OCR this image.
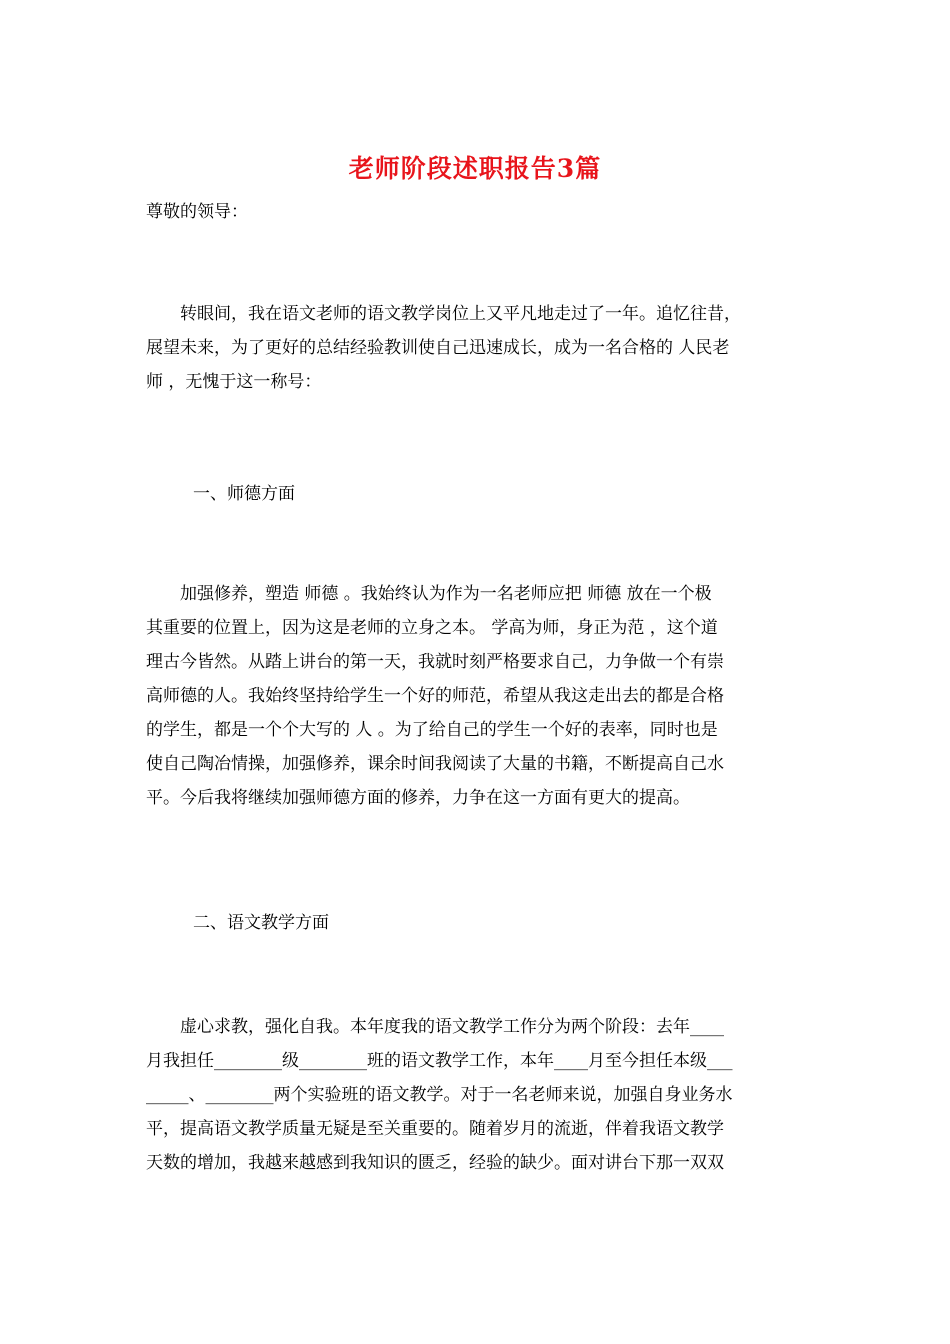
老师阶段述职报告3篇
尊敬的领导：
　　转眼间，我在语文老师的语文教学岗位上又平凡地走过了一年。追忆往昔，
展望未来，为了更好的总结经验教训使自己迅速成长，成为一名合格的 人民老
师 ，无愧于这一称号：
一、师德方面
　　加强修养，塑造 师德 。我始终认为作为一名老师应把 师德 放在一个极
其重要的位置上，因为这是老师的立身之本。 学高为师，身正为范 ，这个道
理古今皆然。从踏上讲台的第一天，我就时刻严格要求自己，力争做一个有崇
高师德的人。我始终坚持给学生一个好的师范，希望从我这走出去的都是合格
的学生，都是一个个大写的 人 。为了给自己的学生一个好的表率，同时也是
使自己陶冶情操，加强修养，课余时间我阅读了大量的书籍，不断提高自己水
平。今后我将继续加强师德方面的修养，力争在这一方面有更大的提高。
二、语文教学方面
　　虚心求教，强化自我。本年度我的语文教学工作分为两个阶段：去年____
月我担任________级________班的语文教学工作，本年____月至今担任本级___
_____、________两个实验班的语文教学。对于一名老师来说，加强自身业务水
平，提高语文教学质量无疑是至关重要的。随着岁月的流逝，伴着我语文教学
天数的增加，我越来越感到我知识的匮乏，经验的缺少。面对讲台下那一双双
